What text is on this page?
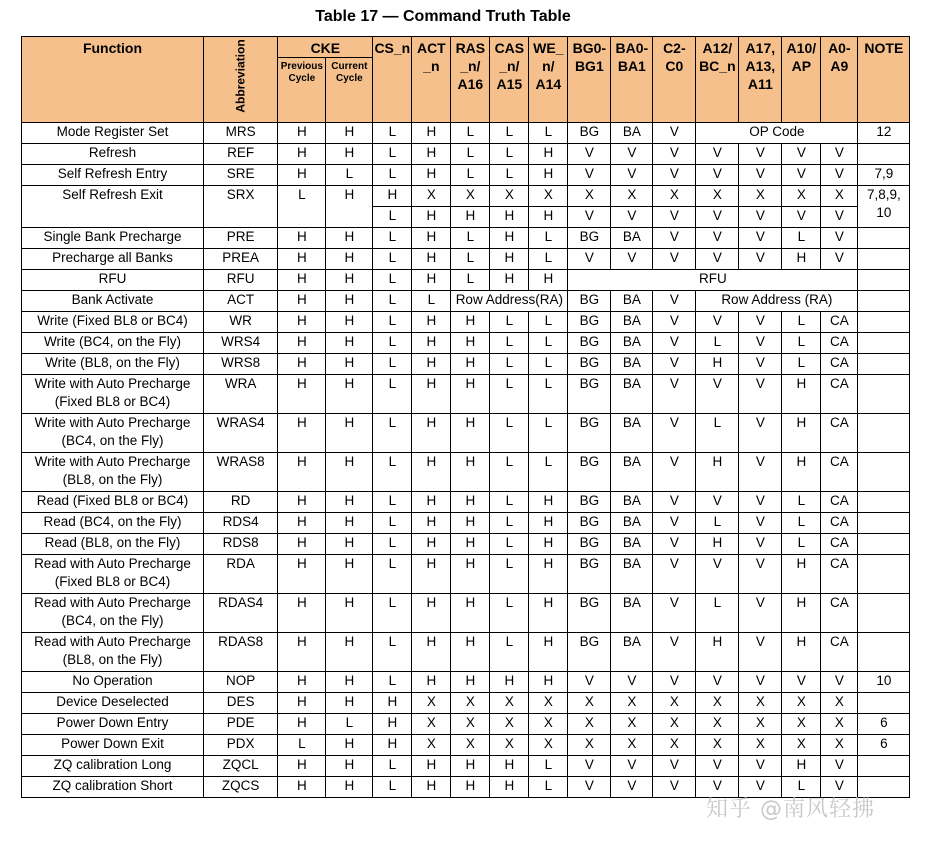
Table 17 — Command Truth Table
Function	Abbreviation	CKE		CS_n	ACT _n	RAS _n/ A16	CAS _n/ A15	WE_ n/ A14	BG0- BG1	BA0- BA1	C2- C0	A12/ BC_n	A17, A13, A11	A10/ AP	A0- A9	NOTE
		Previous Cycle	Current Cycle													
Mode Register Set	MRS	H	H	L	H	L	L	L	BG	BA	V	OP Code				12
Refresh	REF	H	H	L	H	L	L	H	V	V	V	V	V	V	V	
Self Refresh Entry	SRE	H	L	L	H	L	L	H	V	V	V	V	V	V	V	7,9
Self Refresh Exit	SRX	L	H	H	X	X	X	X	X	X	X	X	X	X	X	7,8,9, 10
				L	H	H	H	H	V	V	V	V	V	V	V	
Single Bank Precharge	PRE	H	H	L	H	L	H	L	BG	BA	V	V	V	L	V	
Precharge all Banks	PREA	H	H	L	H	L	H	L	V	V	V	V	V	H	V	
RFU	RFU	H	H	L	H	L	H	H	RFU							
Bank Activate	ACT	H	H	L	L	Row Address(RA)			BG	BA	V	Row Address (RA)				
Write (Fixed BL8 or BC4)	WR	H	H	L	H	H	L	L	BG	BA	V	V	V	L	CA	
Write (BC4, on the Fly)	WRS4	H	H	L	H	H	L	L	BG	BA	V	L	V	L	CA	
Write (BL8, on the Fly)	WRS8	H	H	L	H	H	L	L	BG	BA	V	H	V	L	CA	
Write with Auto Precharge (Fixed BL8 or BC4)	WRA	H	H	L	H	H	L	L	BG	BA	V	V	V	H	CA	
Write with Auto Precharge (BC4, on the Fly)	WRAS4	H	H	L	H	H	L	L	BG	BA	V	L	V	H	CA	
Write with Auto Precharge (BL8, on the Fly)	WRAS8	H	H	L	H	H	L	L	BG	BA	V	H	V	H	CA	
Read (Fixed BL8 or BC4)	RD	H	H	L	H	H	L	H	BG	BA	V	V	V	L	CA	
Read (BC4, on the Fly)	RDS4	H	H	L	H	H	L	H	BG	BA	V	L	V	L	CA	
Read (BL8, on the Fly)	RDS8	H	H	L	H	H	L	H	BG	BA	V	H	V	L	CA	
Read with Auto Precharge (Fixed BL8 or BC4)	RDA	H	H	L	H	H	L	H	BG	BA	V	V	V	H	CA	
Read with Auto Precharge (BC4, on the Fly)	RDAS4	H	H	L	H	H	L	H	BG	BA	V	L	V	H	CA	
Read with Auto Precharge (BL8, on the Fly)	RDAS8	H	H	L	H	H	L	H	BG	BA	V	H	V	H	CA	
No Operation	NOP	H	H	L	H	H	H	H	V	V	V	V	V	V	V	10
Device Deselected	DES	H	H	H	X	X	X	X	X	X	X	X	X	X	X	
Power Down Entry	PDE	H	L	H	X	X	X	X	X	X	X	X	X	X	X	6
Power Down Exit	PDX	L	H	H	X	X	X	X	X	X	X	X	X	X	X	6
ZQ calibration Long	ZQCL	H	H	L	H	H	H	L	V	V	V	V	V	H	V	
ZQ calibration Short	ZQCS	H	H	L	H	H	H	L	V	V	V	V	V	L	V	
知乎 @南风轻拂
